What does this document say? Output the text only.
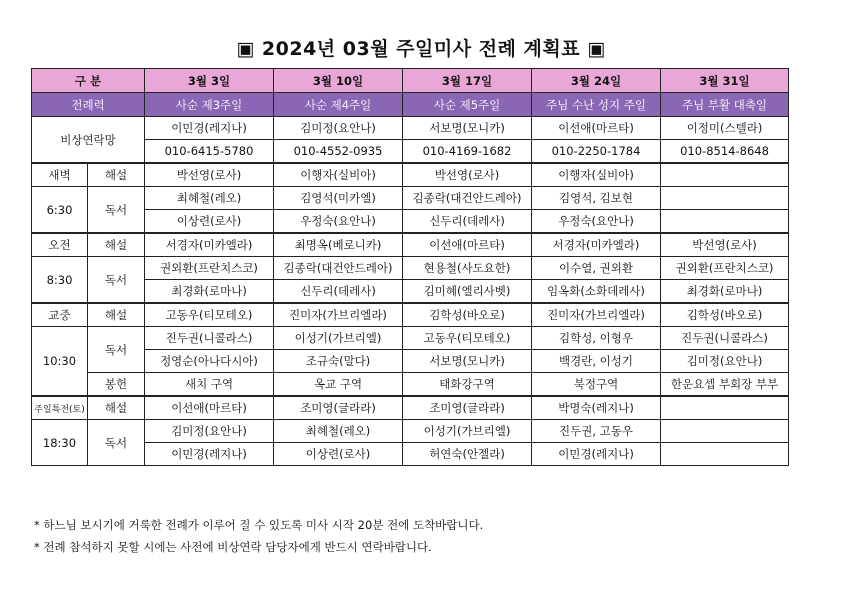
▣ 2024년 03월 주일미사 전례 계획표 ▣
구 분		3월 3일	3월 10일	3월 17일	3월 24일	3월 31일
전례력		사순 제3주일	사순 제4주일	사순 제5주일	주님 수난 성지 주일	주님 부활 대축일
비상연락망		이민경(레지나)	김미정(요안나)	서보명(모니카)	이선애(마르타)	이정미(스텔라)
		010-6415-5780	010-4552-0935	010-4169-1682	010-2250-1784	010-8514-8648
새벽	해설	박선영(로사)	이행자(실비아)	박선영(로사)	이행자(실비아)	
6:30	독서	최혜철(레오)	김영석(미카엘)	김종락(대건안드레아)	김영석, 김보현	
		이상련(로사)	우정숙(요안나)	신두리(데레사)	우정숙(요안나)	
오전	해설	서경자(미카엘라)	최명옥(베로니카)	이선애(마르타)	서경자(미카엘라)	박선영(로사)
8:30	독서	권외환(프란치스코)	김종락(대건안드레아)	현용철(사도요한)	이수열, 권외환	권외환(프란치스코)
		최경화(로마나)	신두리(데레사)	김미혜(엘리사벳)	임옥화(소화데레사)	최경화(로마나)
교중	해설	고동우(티모테오)	진미자(가브리엘라)	김학성(바오로)	진미자(가브리엘라)	김학성(바오로)
10:30	독서	진두권(니콜라스)	이성기(가브리엘)	고동우(티모테오)	김학성, 이형우	진두권(니콜라스)
		정영순(아나다시아)	조규숙(말다)	서보명(모니카)	백경란, 이성기	김미정(요안나)
	봉헌	새치 구역	옥교 구역	태화강구역	북정구역	한운요셉 부회장 부부
주일특전(토)	해설	이선애(마르타)	조미영(글라라)	조미영(글라라)	박명숙(레지나)	
18:30	독서	김미정(요안나)	최혜철(레오)	이성기(가브리엘)	진두권, 고동우	
		이민경(레지나)	이상련(로사)	허연숙(안젤라)	이민경(레지나)	
* 하느님 보시기에 거룩한 전례가 이루어 질 수 있도록 미사 시작 20분 전에 도착바랍니다.
* 전례 참석하지 못할 시에는 사전에 비상연락 담당자에게 반드시 연락바랍니다.
